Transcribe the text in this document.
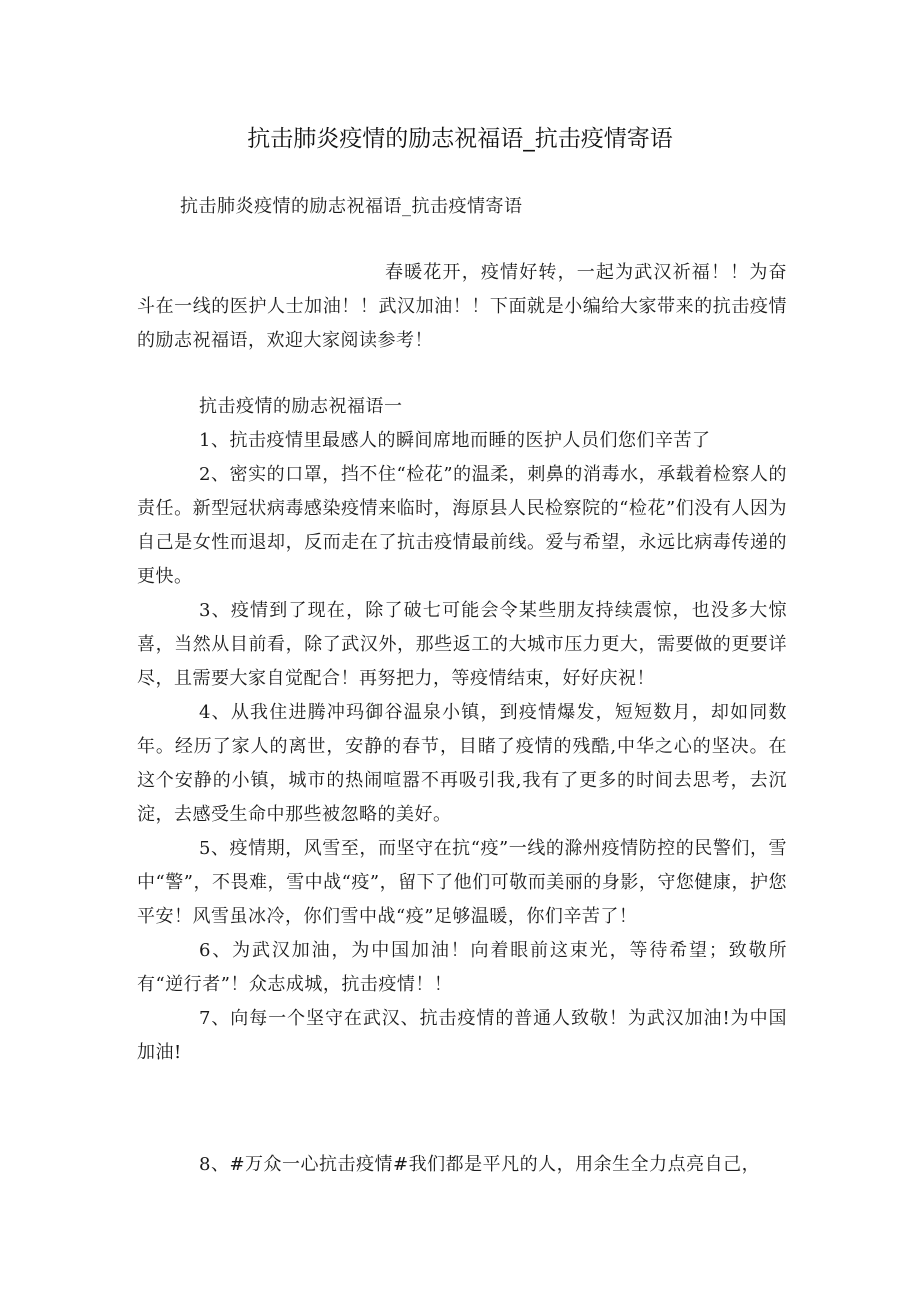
抗击肺炎疫情的励志祝福语_抗击疫情寄语

抗击肺炎疫情的励志祝福语_抗击疫情寄语

春暖花开，疫情好转，一起为武汉祈福！！为奋斗在一线的医护人士加油！！武汉加油！！下面就是小编给大家带来的抗击疫情的励志祝福语，欢迎大家阅读参考！

抗击疫情的励志祝福语一

1、抗击疫情里最感人的瞬间席地而睡的医护人员们您们辛苦了
2、密实的口罩，挡不住“检花”的温柔，刺鼻的消毒水，承载着检察人的责任。新型冠状病毒感染疫情来临时，海原县人民检察院的“检花”们没有人因为自己是女性而退却，反而走在了抗击疫情最前线。爱与希望，永远比病毒传递的更快。
3、疫情到了现在，除了破七可能会令某些朋友持续震惊，也没多大惊喜，当然从目前看，除了武汉外，那些返工的大城市压力更大，需要做的更要详尽，且需要大家自觉配合！再努把力，等疫情结束，好好庆祝！
4、从我住进腾冲玛御谷温泉小镇，到疫情爆发，短短数月，却如同数年。经历了家人的离世，安静的春节，目睹了疫情的残酷,中华之心的坚决。在这个安静的小镇，城市的热闹喧嚣不再吸引我,我有了更多的时间去思考，去沉淀，去感受生命中那些被忽略的美好。
5、疫情期，风雪至，而坚守在抗“疫”一线的滁州疫情防控的民警们，雪中“警”，不畏难，雪中战“疫”，留下了他们可敬而美丽的身影，守您健康，护您平安！风雪虽冰冷，你们雪中战“疫”足够温暖，你们辛苦了！
6、为武汉加油，为中国加油！向着眼前这束光，等待希望；致敬所有“逆行者”！众志成城，抗击疫情！！
7、向每一个坚守在武汉、抗击疫情的普通人致敬！为武汉加油!为中国加油!

8、#万众一心抗击疫情#我们都是平凡的人，用余生全力点亮自己，
